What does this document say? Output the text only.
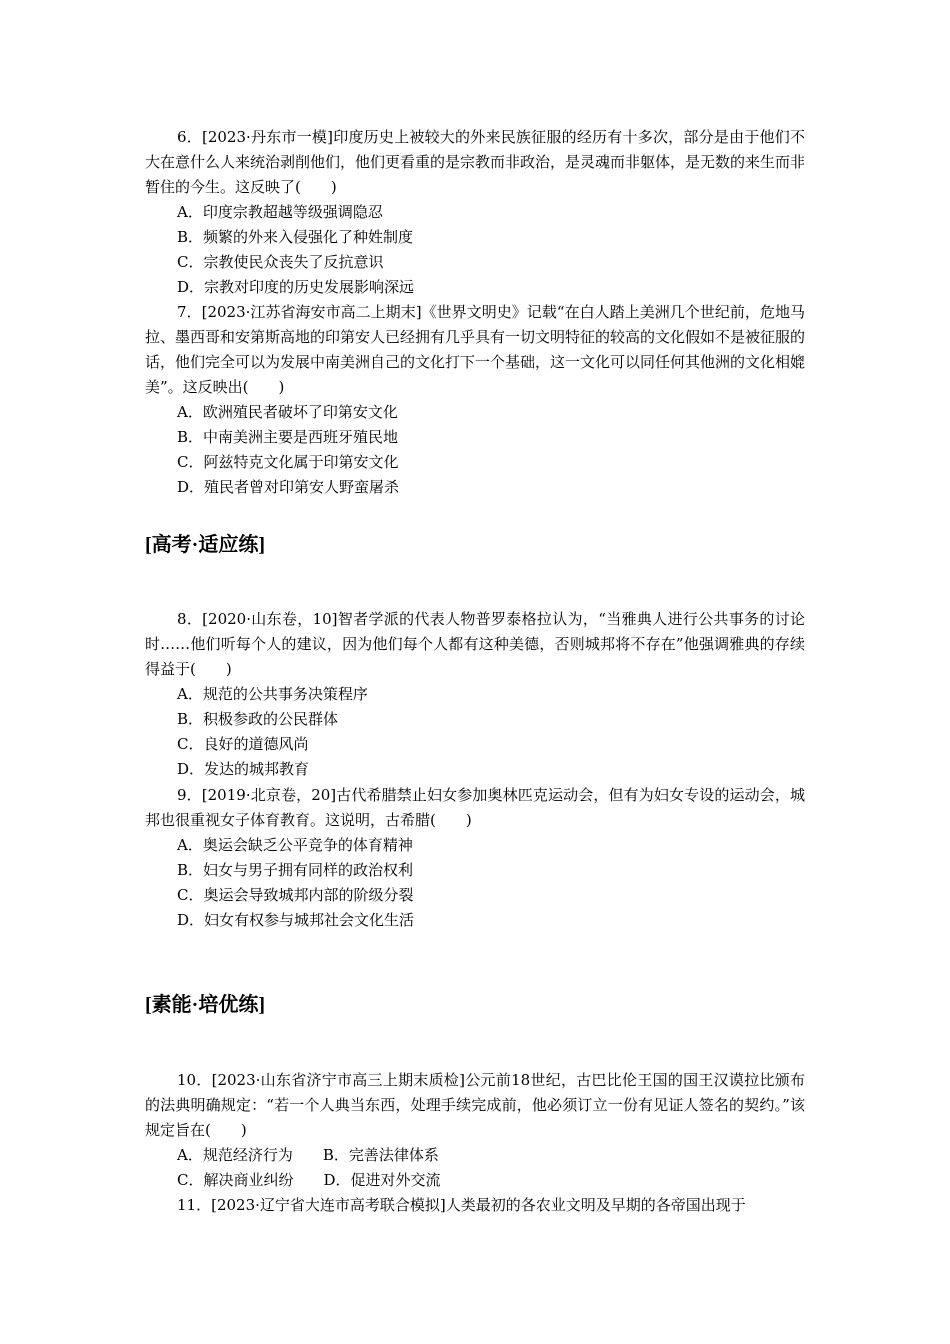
6．[2023·丹东市一模]印度历史上被较大的外来民族征服的经历有十多次，部分是由于他们不大在意什么人来统治剥削他们，他们更看重的是宗教而非政治，是灵魂而非躯体，是无数的来生而非暂住的今生。这反映了(　　)

A．印度宗教超越等级强调隐忍

B．频繁的外来入侵强化了种姓制度

C．宗教使民众丧失了反抗意识

D．宗教对印度的历史发展影响深远

7．[2023·江苏省海安市高二上期末]《世界文明史》记载“在白人踏上美洲几个世纪前，危地马拉、墨西哥和安第斯高地的印第安人已经拥有几乎具有一切文明特征的较高的文化假如不是被征服的话，他们完全可以为发展中南美洲自己的文化打下一个基础，这一文化可以同任何其他洲的文化相媲美”。这反映出(　　)

A．欧洲殖民者破坏了印第安文化

B．中南美洲主要是西班牙殖民地

C．阿兹特克文化属于印第安文化

D．殖民者曾对印第安人野蛮屠杀

[高考·适应练]

8．[2020·山东卷，10]智者学派的代表人物普罗泰格拉认为，“当雅典人进行公共事务的讨论时……他们听每个人的建议，因为他们每个人都有这种美德，否则城邦将不存在”他强调雅典的存续得益于(　　)

A．规范的公共事务决策程序

B．积极参政的公民群体

C．良好的道德风尚

D．发达的城邦教育

9．[2019·北京卷，20]古代希腊禁止妇女参加奥林匹克运动会，但有为妇女专设的运动会，城邦也很重视女子体育教育。这说明，古希腊(　　)

A．奥运会缺乏公平竞争的体育精神

B．妇女与男子拥有同样的政治权利

C．奥运会导致城邦内部的阶级分裂

D．妇女有权参与城邦社会文化生活

[素能·培优练]

10．[2023·山东省济宁市高三上期末质检]公元前18世纪，古巴比伦王国的国王汉谟拉比颁布的法典明确规定：“若一个人典当东西，处理手续完成前，他必须订立一份有见证人签名的契约。”该规定旨在(　　)

A．规范经济行为 B．完善法律体系

C．解决商业纠纷 D．促进对外交流

11．[2023·辽宁省大连市高考联合模拟]人类最初的各农业文明及早期的各帝国出现于
